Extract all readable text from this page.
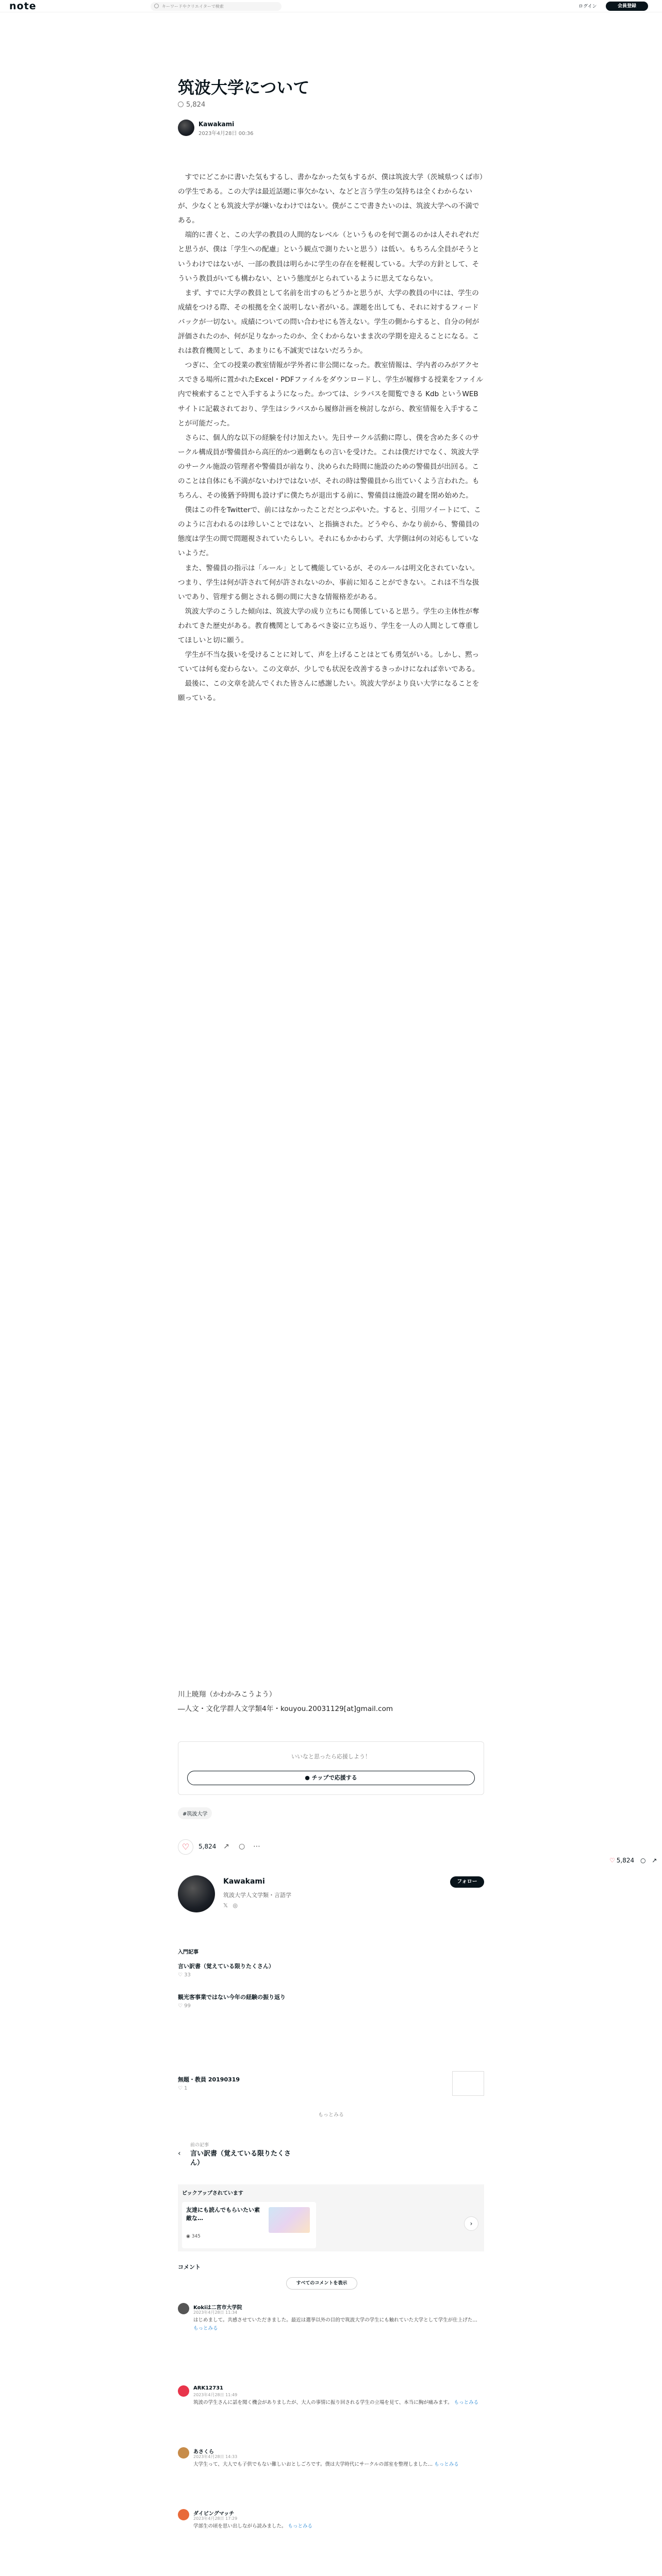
note	キーワードやクリエイターで検索	ログイン	会員登録
筑波大学について
5,824
Kawakami
2023年4月28日 00:36

すでにどこかに書いた気もするし、書かなかった気もするが、僕は筑波大学（茨城県つくば市）の学生である。この大学は最近話題に事欠かない、などと言う学生の気持ちは全くわからないが、少なくとも筑波大学が嫌いなわけではない。僕がここで書きたいのは、筑波大学への不満である。

端的に書くと、この大学の教員の人間的なレベル（というものを何で測るのかは人それぞれだと思うが、僕は「学生への配慮」という観点で測りたいと思う）は低い。もちろん全員がそうというわけではないが、一部の教員は明らかに学生の存在を軽視している。大学の方針として、そういう教員がいても構わない、という態度がとられているように思えてならない。

まず、すでに大学の教員として名前を出すのもどうかと思うが、大学の教員の中には、学生の成績をつける際、その根拠を全く説明しない者がいる。課題を出しても、それに対するフィードバックが一切ない。成績についての問い合わせにも答えない。学生の側からすると、自分の何が評価されたのか、何が足りなかったのか、全くわからないまま次の学期を迎えることになる。これは教育機関として、あまりにも不誠実ではないだろうか。

つぎに、全ての授業の教室情報が学外者に非公開になった。教室情報は、学内者のみがアクセスできる場所に置かれたExcel・PDFファイルをダウンロードし、学生が履修する授業をファイル内で検索することで入手するようになった。かつては、シラバスを閲覧できる Kdb というWEBサイトに記載されており、学生はシラバスから履修計画を検討しながら、教室情報を入手することが可能だった。

さらに、個人的な以下の経験を付け加えたい。先日サークル活動に際し、僕を含めた多くのサークル構成員が警備員から高圧的かつ過剰なもの言いを受けた。これは僕だけでなく、筑波大学のサークル施設の管理者や警備員が前なり、決められた時間に施設のための警備員が出回る。このことは自体にも不満がないわけではないが、それの時は警備員から出ていくよう言われた。もちろん、その後猶予時間も設けずに僕たちが退出する前に、警備員は施設の鍵を閉め始めた。

僕はこの件をTwitterで、前にはなかったことだとつぶやいた。すると、引用ツイートにて、このように言われるのは珍しいことではない、と指摘された。どうやら、かなり前から、警備員の態度は学生の間で問題視されていたらしい。それにもかかわらず、大学側は何の対応もしていないようだ。

また、警備員の指示は「ルール」として機能しているが、そのルールは明文化されていない。つまり、学生は何が許されて何が許されないのか、事前に知ることができない。これは不当な扱いであり、管理する側とされる側の間に大きな情報格差がある。

筑波大学のこうした傾向は、筑波大学の成り立ちにも関係していると思う。学生の主体性が奪われてきた歴史がある。教育機関としてあるべき姿に立ち返り、学生を一人の人間として尊重してほしいと切に願う。

学生が不当な扱いを受けることに対して、声を上げることはとても勇気がいる。しかし、黙っていては何も変わらない。この文章が、少しでも状況を改善するきっかけになれば幸いである。

最後に、この文章を読んでくれた皆さんに感謝したい。筑波大学がより良い大学になることを願っている。

川上暁翔（かわかみこうよう）
―人文・文化学群人文学類4年・kouyou.20031129[at]gmail.com
いいなと思ったら応援しよう！
● チップで応援する
#筑波大学
♡	5,824 ↗ ○ ⋯
♡ 5,824 ○ ↗
Kawakami
筑波大学人文学類・言語学
𝕏 ◎
フォロー
入門記事
言い訳書（覚えている限りたくさん）
♡ 33
観光客事業ではない今年の経験の振り返り
♡ 99
無題・教員 20190319
♡ 1
もっとみる
‹
前の記事
言い訳書（覚えている限りたくさん）
ピックアップされています
友達にも読んでもらいたい素敵な…
◉ 345
›
コメント
すべてのコメントを表示
Kokiは二宮市大学院
2023年4月28日 11:34
はじめまして。共感させていただきました。最近は選挙以外の目的で筑波大学の学生にも触れていた大学として学生が仕上げた… もっとみる
ARK12731
2023年4月28日 11:49
筑波の学生さんに話を聞く機会がありましたが、大人の事情に振り回される学生の立場を見て、本当に胸が痛みます。 もっとみる
あさくら
2023年4月28日 14:33
大学生って、大人でも子供でもない難しいおとしごろです。僕は大学時代にサークルの部室を整理しました… もっとみる
ダイビングマッチ
2023年4月28日 17:29
学部生の頃を思い出しながら読みました。 もっとみる
